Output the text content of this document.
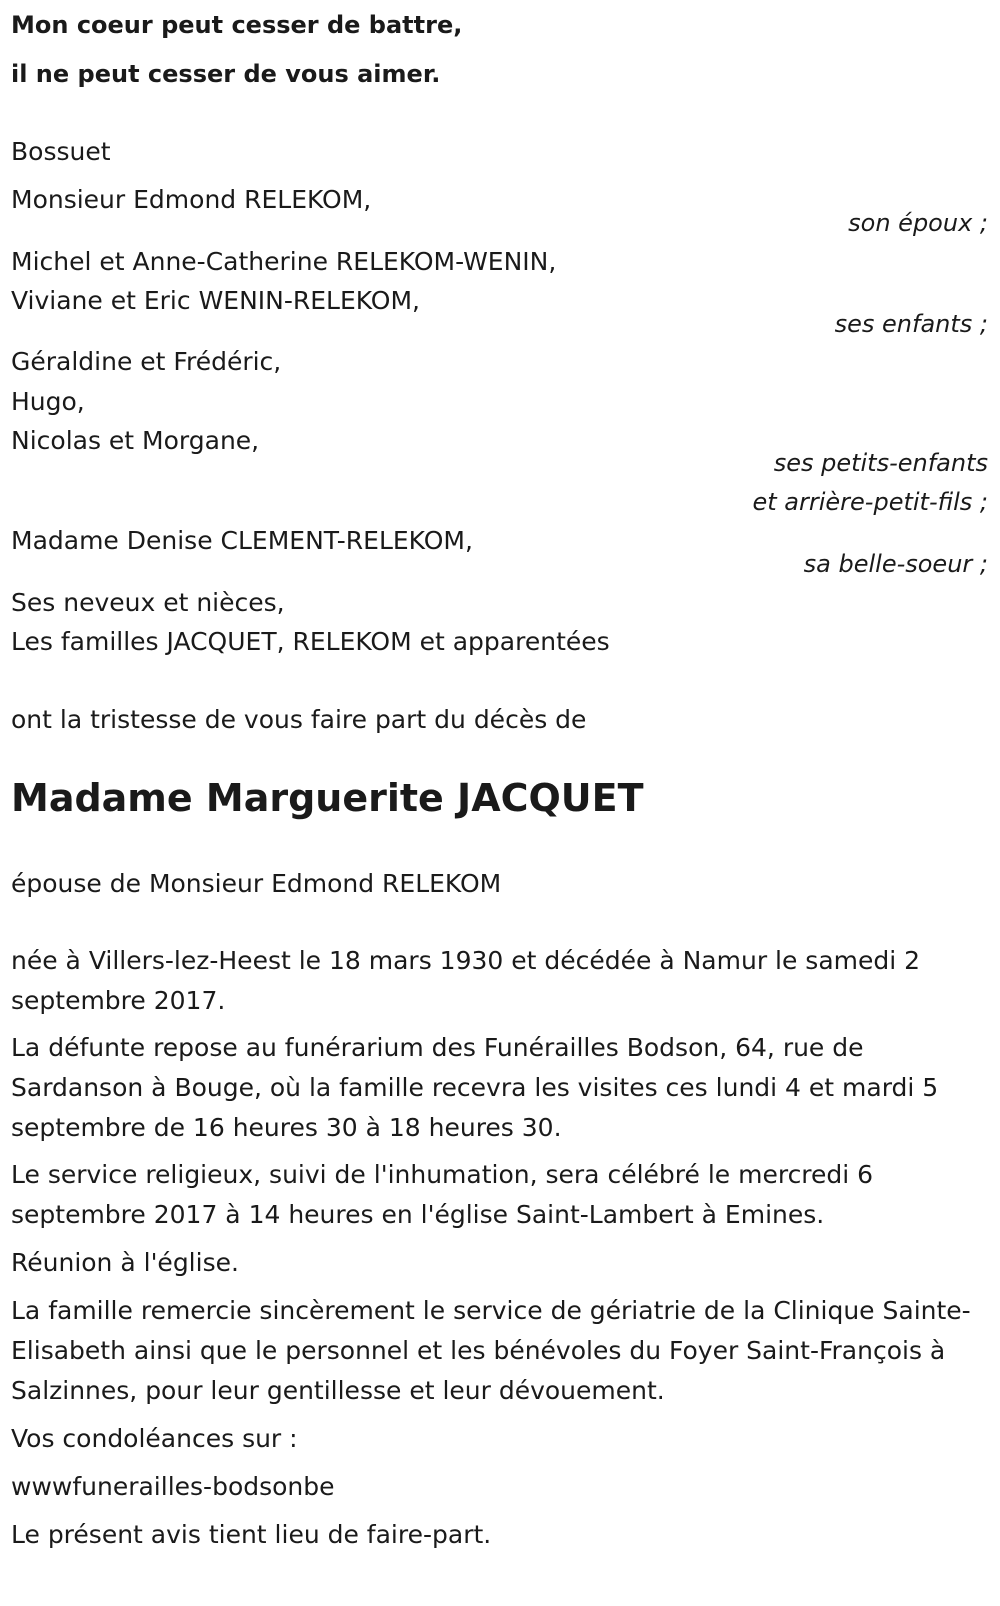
Mon coeur peut cesser de battre,
il ne peut cesser de vous aimer.
Bossuet
Monsieur Edmond RELEKOM,
son époux ;
Michel et Anne-Catherine RELEKOM-WENIN,
Viviane et Eric WENIN-RELEKOM,
ses enfants ;
Géraldine et Frédéric,
Hugo,
Nicolas et Morgane,
ses petits-enfants
et arrière-petit-fils ;
Madame Denise CLEMENT-RELEKOM,
sa belle-soeur ;
Ses neveux et nièces,
Les familles JACQUET, RELEKOM et apparentées
ont la tristesse de vous faire part du décès de
Madame Marguerite JACQUET
épouse de Monsieur Edmond RELEKOM
née à Villers-lez-Heest le 18 mars 1930 et décédée à Namur le samedi 2 septembre 2017.
La défunte repose au funérarium des Funérailles Bodson, 64, rue de Sardanson à Bouge, où la famille recevra les visites ces lundi 4 et mardi 5 septembre de 16 heures 30 à 18 heures 30.
Le service religieux, suivi de l'inhumation, sera célébré le mercredi 6 septembre 2017 à 14 heures en l'église Saint-Lambert à Emines.
Réunion à l'église.
La famille remercie sincèrement le service de gériatrie de la Clinique Sainte-Elisabeth ainsi que le personnel et les bénévoles du Foyer Saint-François à Salzinnes, pour leur gentillesse et leur dévouement.
Vos condoléances sur :
wwwfunerailles-bodsonbe
Le présent avis tient lieu de faire-part.
